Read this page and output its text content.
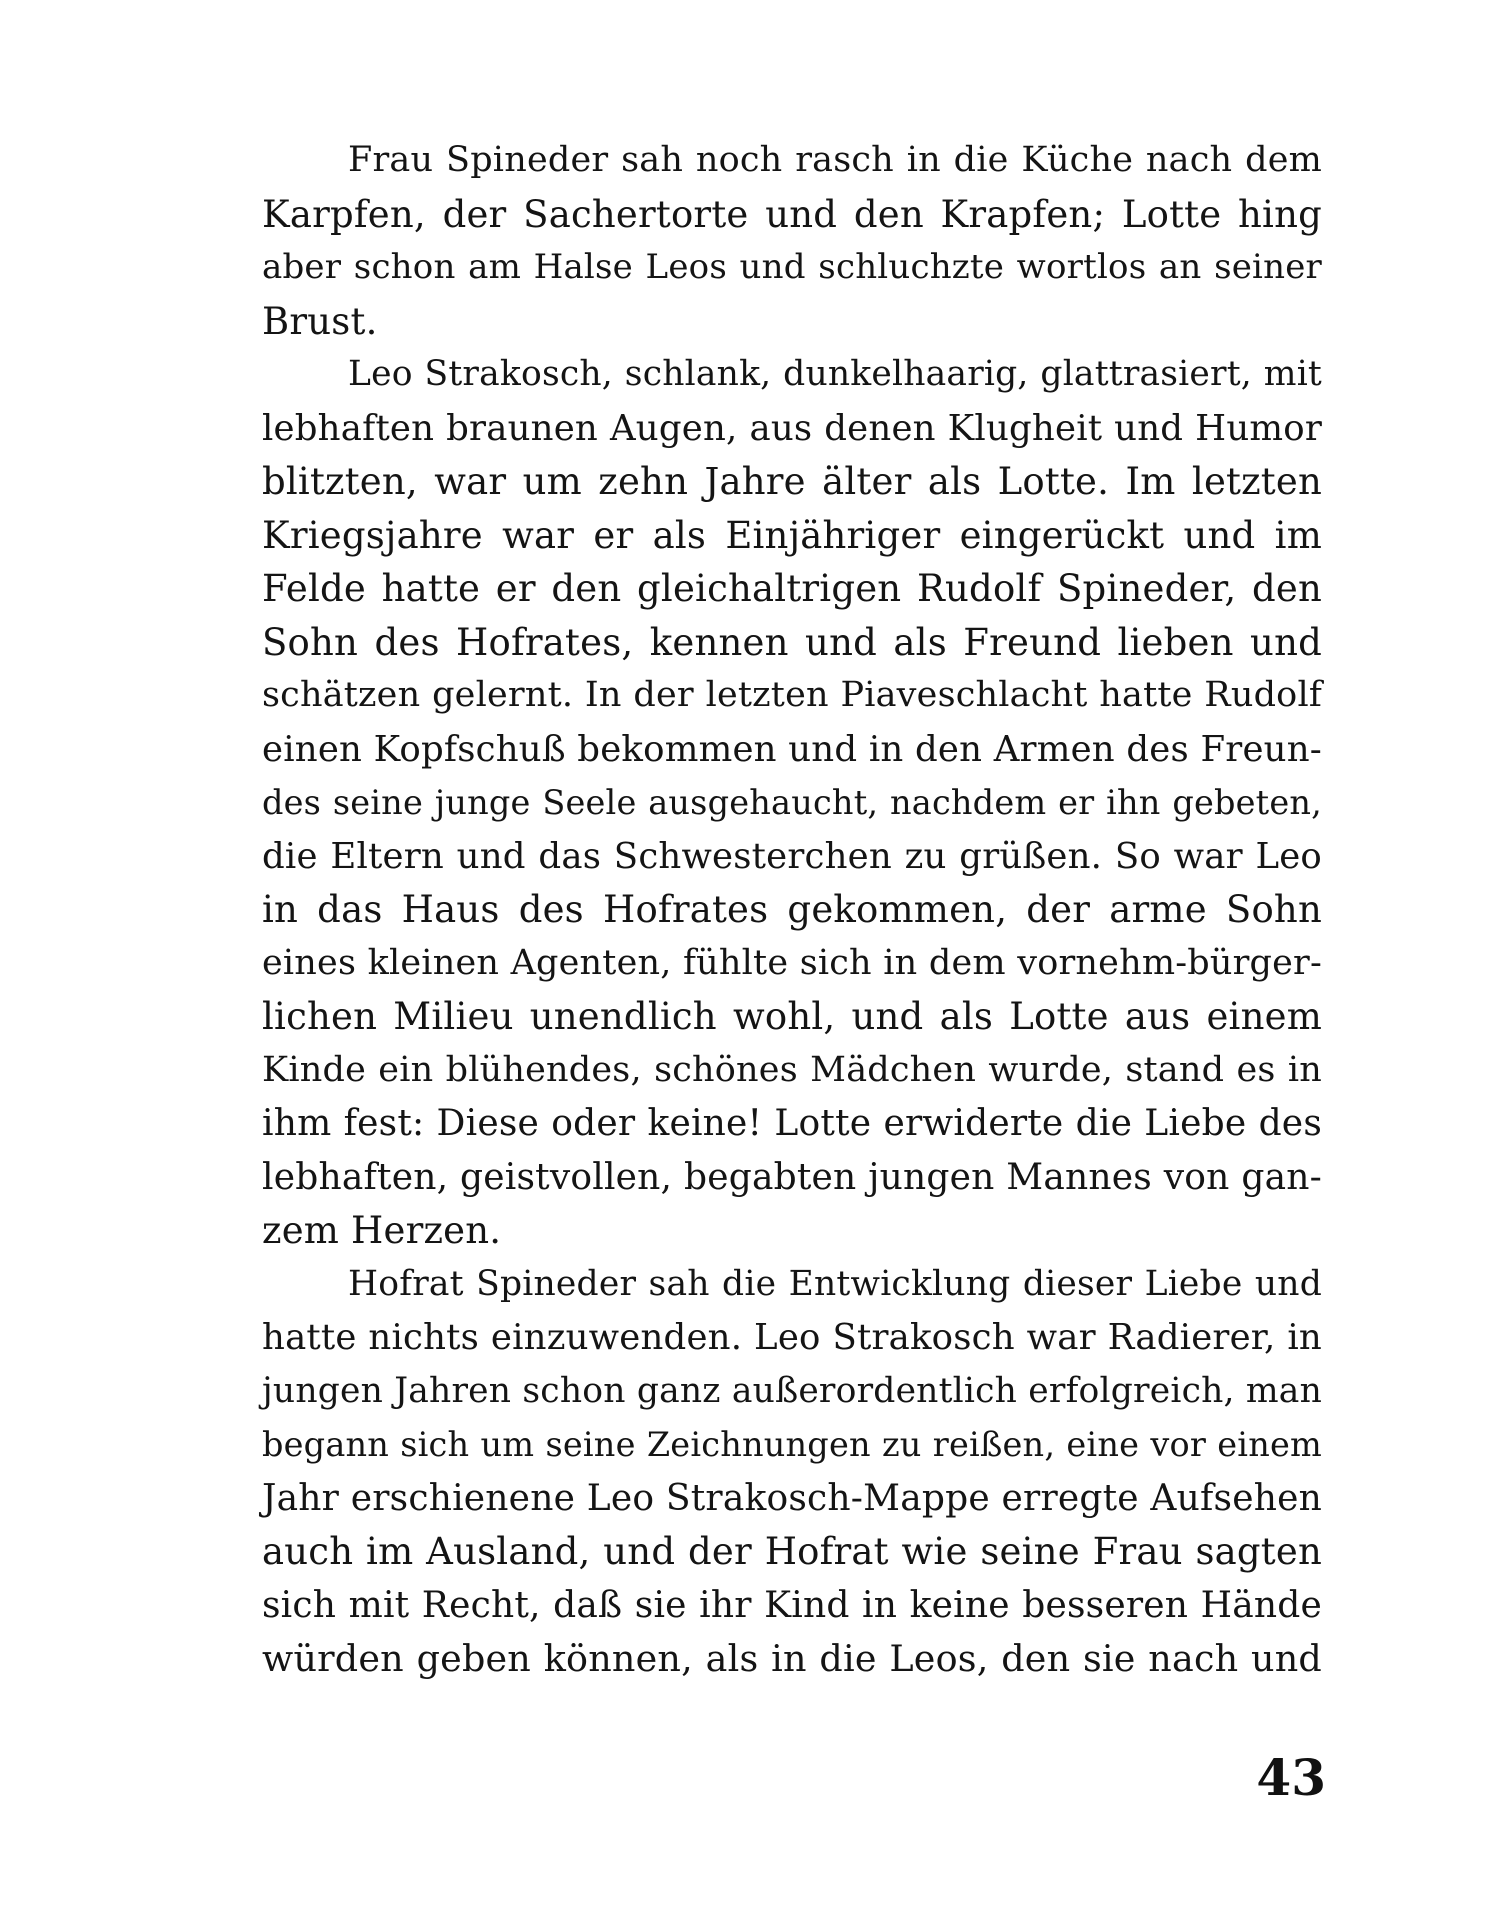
Frau Spineder sah noch rasch in die Küche nach dem
Karpfen, der Sachertorte und den Krapfen; Lotte hing
aber schon am Halse Leos und schluchzte wortlos an seiner
Brust.
Leo Strakosch, schlank, dunkelhaarig, glattrasiert, mit
lebhaften braunen Augen, aus denen Klugheit und Humor
blitzten, war um zehn Jahre älter als Lotte. Im letzten
Kriegsjahre war er als Einjähriger eingerückt und im
Felde hatte er den gleichaltrigen Rudolf Spineder, den
Sohn des Hofrates, kennen und als Freund lieben und
schätzen gelernt. In der letzten Piaveschlacht hatte Rudolf
einen Kopfschuß bekommen und in den Armen des Freun-
des seine junge Seele ausgehaucht, nachdem er ihn gebeten,
die Eltern und das Schwesterchen zu grüßen. So war Leo
in das Haus des Hofrates gekommen, der arme Sohn
eines kleinen Agenten, fühlte sich in dem vornehm-bürger-
lichen Milieu unendlich wohl, und als Lotte aus einem
Kinde ein blühendes, schönes Mädchen wurde, stand es in
ihm fest: Diese oder keine! Lotte erwiderte die Liebe des
lebhaften, geistvollen, begabten jungen Mannes von gan-
zem Herzen.
Hofrat Spineder sah die Entwicklung dieser Liebe und
hatte nichts einzuwenden. Leo Strakosch war Radierer, in
jungen Jahren schon ganz außerordentlich erfolgreich, man
begann sich um seine Zeichnungen zu reißen, eine vor einem
Jahr erschienene Leo Strakosch-Mappe erregte Aufsehen
auch im Ausland, und der Hofrat wie seine Frau sagten
sich mit Recht, daß sie ihr Kind in keine besseren Hände
würden geben können, als in die Leos, den sie nach und
43
